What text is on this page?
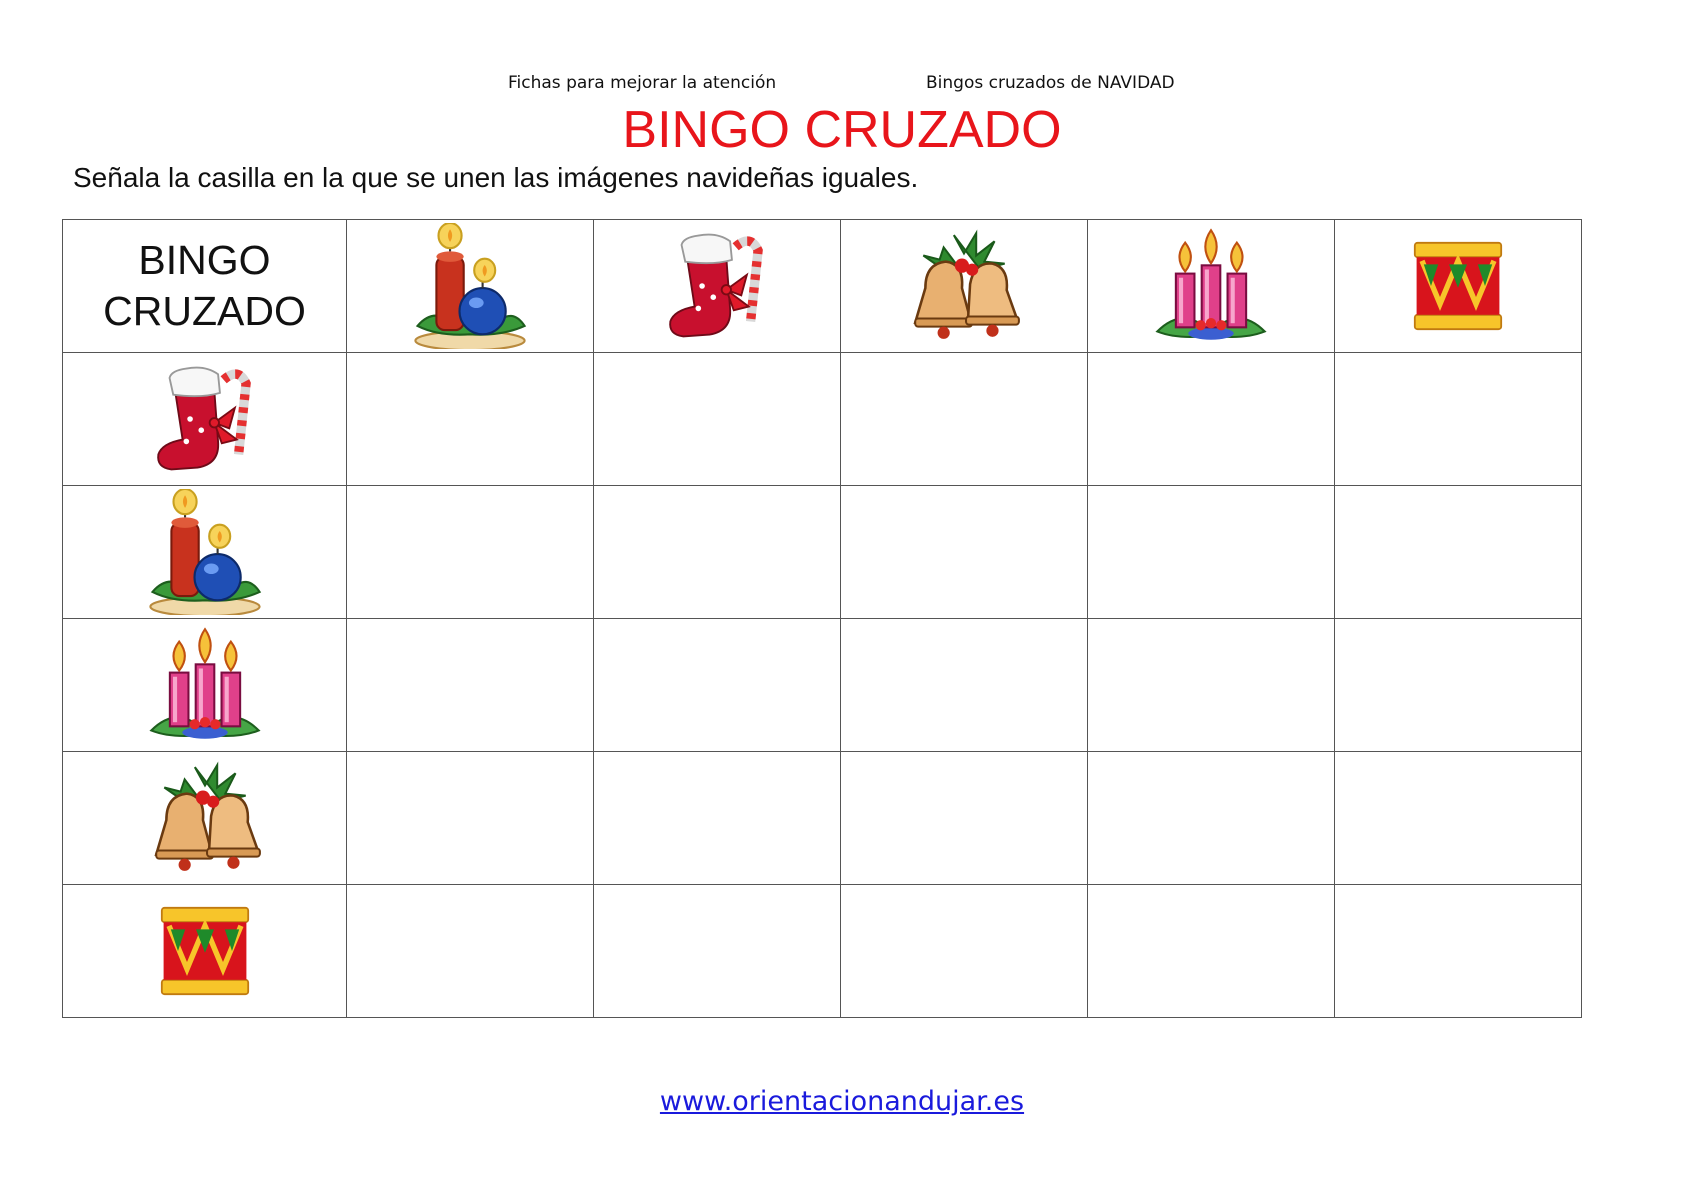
Fichas para mejorar la atención	Bingos cruzados de NAVIDAD
BINGO CRUZADO
Señala la casilla en la que se unen las imágenes navideñas iguales.
BINGO
CRUZADO

www.orientacionandujar.es
